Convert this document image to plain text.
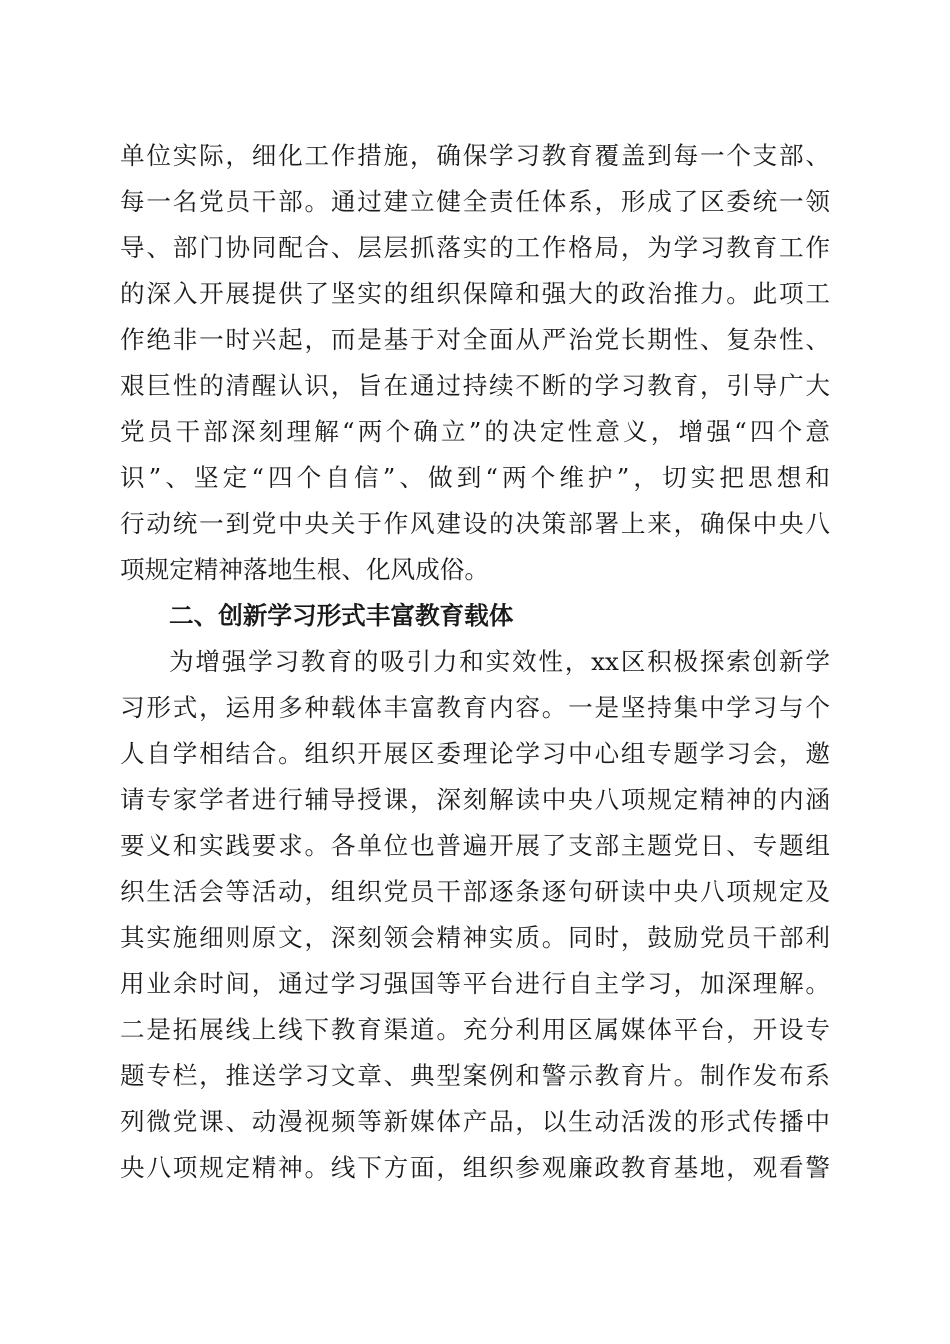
单位实际，细化工作措施，确保学习教育覆盖到每一个支部、
每一名党员干部。通过建立健全责任体系，形成了区委统一领
导、部门协同配合、层层抓落实的工作格局，为学习教育工作
的深入开展提供了坚实的组织保障和强大的政治推力。此项工
作绝非一时兴起，而是基于对全面从严治党长期性、复杂性、
艰巨性的清醒认识，旨在通过持续不断的学习教育，引导广大
党员干部深刻理解“两个确立”的决定性意义，增强“四个意
识”、坚定“四个自信”、做到“两个维护”，切实把思想和
行动统一到党中央关于作风建设的决策部署上来，确保中央八
项规定精神落地生根、化风成俗。
二、创新学习形式丰富教育载体
为增强学习教育的吸引力和实效性，xx区积极探索创新学
习形式，运用多种载体丰富教育内容。一是坚持集中学习与个
人自学相结合。组织开展区委理论学习中心组专题学习会，邀
请专家学者进行辅导授课，深刻解读中央八项规定精神的内涵
要义和实践要求。各单位也普遍开展了支部主题党日、专题组
织生活会等活动，组织党员干部逐条逐句研读中央八项规定及
其实施细则原文，深刻领会精神实质。同时，鼓励党员干部利
用业余时间，通过学习强国等平台进行自主学习，加深理解。
二是拓展线上线下教育渠道。充分利用区属媒体平台，开设专
题专栏，推送学习文章、典型案例和警示教育片。制作发布系
列微党课、动漫视频等新媒体产品，以生动活泼的形式传播中
央八项规定精神。线下方面，组织参观廉政教育基地，观看警
